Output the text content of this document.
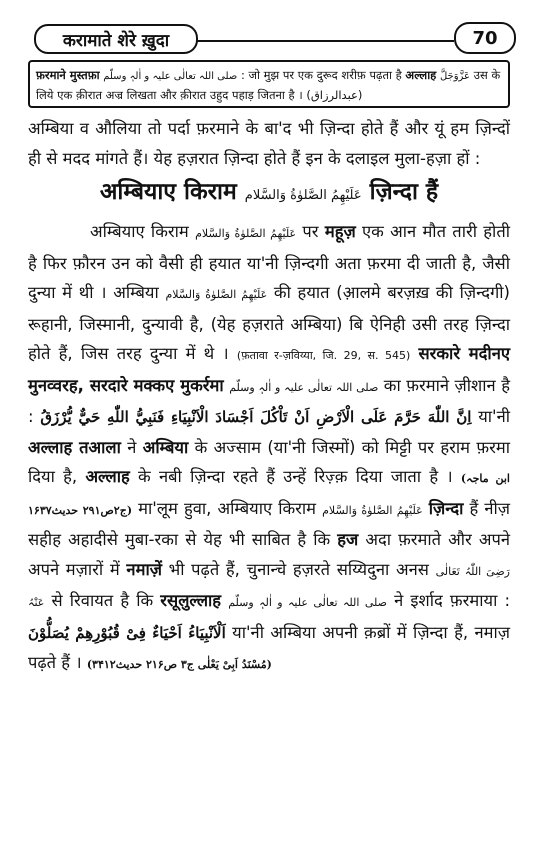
करामाते शेरे ख़ुदा	70
फ़रमाने मुस्तफ़ा صلی اللہ تعالٰی علیہ و اٰلہٖ وسلّم : जो मुझ पर एक दुरूद शरीफ़ पढ़ता है अल्लाह عَزَّوَجَلَّ उस के लिये एक क़ीरात अज्र लिखता और क़ीरात उहुद पहाड़ जितना है । (عبدالرزاق)

अम्बिया व औलिया तो पर्दा फ़रमाने के बा'द भी ज़िन्दा होते हैं और यूं हम ज़िन्दों ही से मदद मांगते हैं। येह हज़रात ज़िन्दा होते हैं इन के दलाइल मुला-हज़ा हों :

अम्बियाए किराम عَلَيْهِمُ الصَّلوٰةُ وَالسَّلام ज़िन्दा हैं

अम्बियाए किराम عَلَيْهِمُ الصَّلوٰةُ وَالسَّلام पर महूज़ एक आन मौत तारी होती है फिर फ़ौरन उन को वैसी ही हयात या'नी ज़िन्दगी अता फ़रमा दी जाती है, जैसी दुन्या में थी । अम्बिया عَلَيْهِمُ الصَّلوٰةُ وَالسَّلام की हयात (आ़लमे बरज़ख़ की ज़िन्दगी) रूहानी, जिस्मानी, दुन्यावी है, (येह हज़राते अम्बिया) बि ऐनिही उसी तरह ज़िन्दा होते हैं, जिस तरह दुन्या में थे । (फ़तावा र-ज़विय्या, जि. 29, स. 545) सरकारे मदीनए मुनव्वरह, सरदारे मक्कए मुकर्रमा صلی اللہ تعالٰی علیہ و اٰلہٖ وسلّم का फ़रमाने ज़ीशान है : اِنَّ اللّٰهَ حَرَّمَ عَلَى الْاَرْضِ اَنْ تَاْكُلَ اَجْسَادَ الْاَنْبِيَاءِ فَنَبِيُّ اللّٰهِ حَيٌّ يُّرْزَقُ या'नी अल्लाह तआला ने अम्बिया के अज्साम (या'नी जिस्मों) को मिट्टी पर हराम फ़रमा दिया है, अल्लाह के नबी ज़िन्दा रहते हैं उन्हें रिज़्क़ दिया जाता है । (ابن ماجہ ج۲ص۲۹۱ حدیث۱۶۳۷) मा'लूम हुवा, अम्बियाए किराम عَلَيْهِمُ الصَّلوٰةُ وَالسَّلام ज़िन्दा हैं नीज़ सहीह अहादीसे मुबा-रका से येह भी साबित है कि हज अदा फ़रमाते और अपने अपने मज़ारों में नमाज़ें भी पढ़ते हैं, चुनान्चे हज़रते सय्यिदुना अनस رَضِیَ اللّٰہُ تَعَالٰی عَنْہُ से रिवायत है कि रसूलुल्लाह صلی اللہ تعالٰی علیہ و اٰلہٖ وسلّم ने इर्शाद फ़रमाया : اَلْاَنْبِيَاءُ اَحْيَاءٌ فِىْ قُبُوْرِهِمْ يُصَلُّوْنَ या'नी अम्बिया अपनी क़ब्रों में ज़िन्दा हैं, नमाज़ पढ़ते हैं । (مُسْنَدُ اَبِیْ یَعْلٰی ج۳ ص۲۱۶ حدیث۳۴۱۲)
